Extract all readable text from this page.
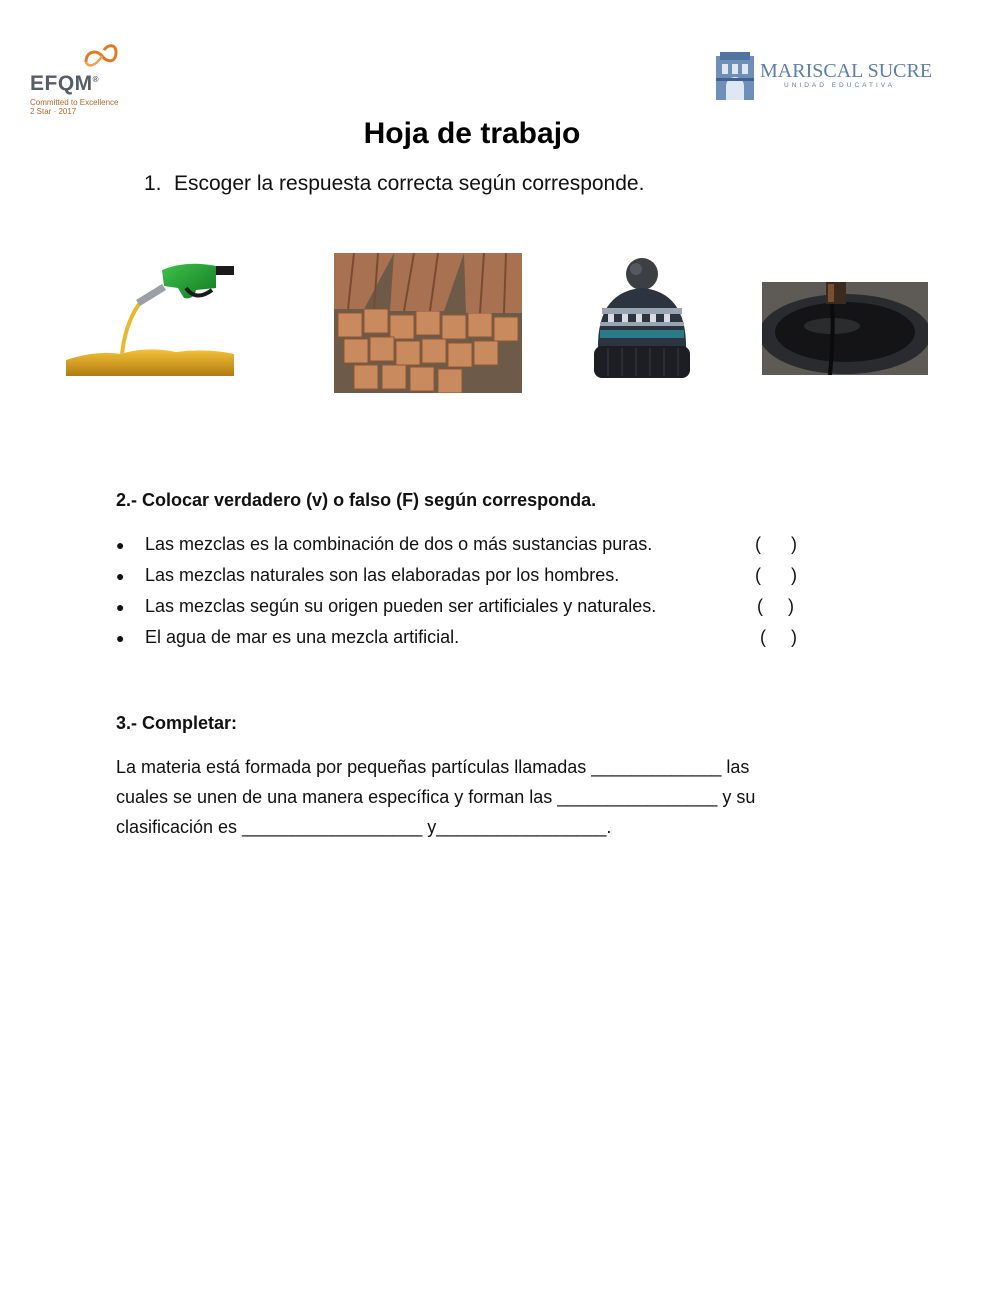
EFQM®
Committed to Excellence
2 Star · 2017
MARISCAL SUCRE
UNIDAD EDUCATIVA
Hoja de trabajo
1. Escoger la respuesta correcta según corresponde.
2.- Colocar verdadero (v) o falso (F) según corresponda.
● Las mezclas es la combinación de dos o más sustancias puras.	(      )
● Las mezclas naturales son las elaboradas por los hombres.	(      )
● Las mezclas según su origen pueden ser artificiales y naturales.	(     )
● El agua de mar es una mezcla artificial.	(     )
3.- Completar:
La materia está formada por pequeñas partículas llamadas _____________ las
cuales se unen de una manera específica y forman las ________________ y su
clasificación es __________________ y_________________.
